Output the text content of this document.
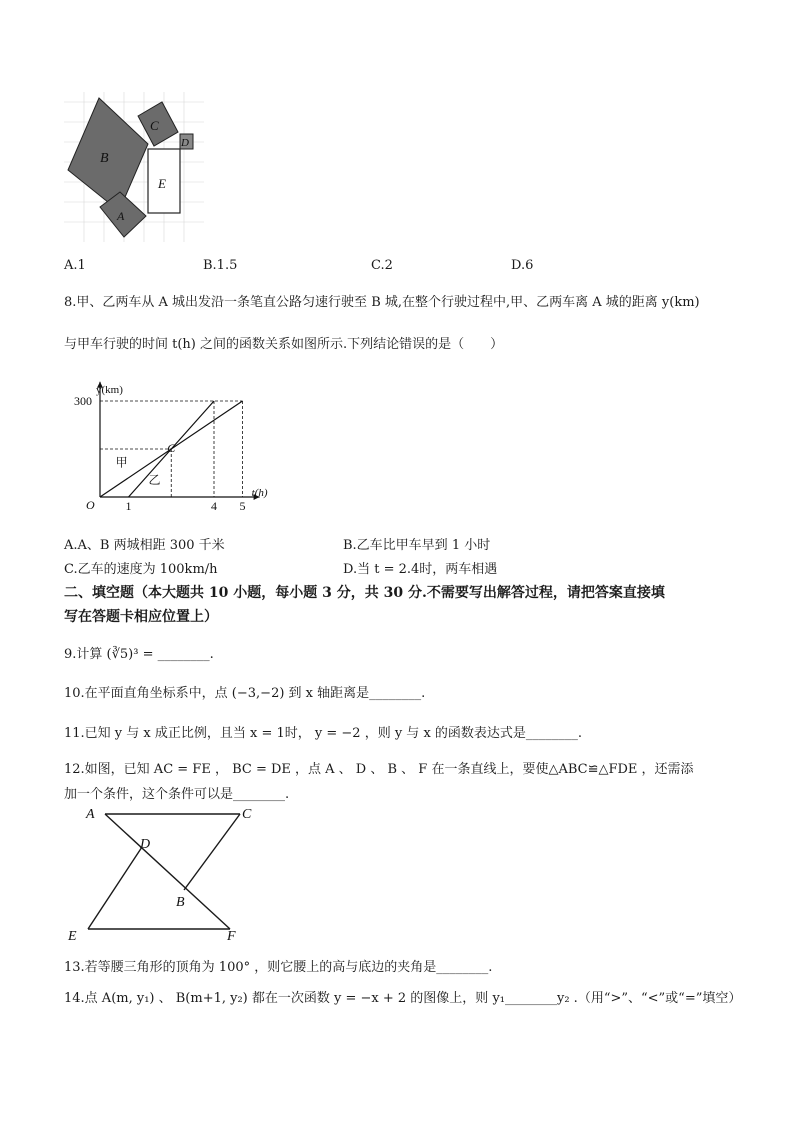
B
C
D
E
A
A.1	B.1.5	C.2	D.6
8.甲、乙两车从 A 城出发沿一条笔直公路匀速行驶至 B 城,在整个行驶过程中,甲、乙两车离 A 城的距离 y(km)
与甲车行驶的时间 t(h) 之间的函数关系如图所示.下列结论错误的是（　　）
y(km)
t(h)
O	1	4 5
300
C
甲
乙
A.A、B 两城相距 300 千米	B.乙车比甲车早到 1 小时
C.乙车的速度为 100km/h	D.当 t = 2.4时，两车相遇
二、填空题（本大题共 10 小题，每小题 3 分，共 30 分.不需要写出解答过程，请把答案直接填
写在答题卡相应位置上）
9.计算 (∛5)³ = ________.
10.在平面直角坐标系中，点 (−3,−2) 到 x 轴距离是________.
11.已知 y 与 x 成正比例，且当 x = 1时， y = −2 ，则 y 与 x 的函数表达式是________.
12.如图，已知 AC = FE ， BC = DE ，点 A 、 D 、 B 、 F 在一条直线上，要使△ABC≌△FDE ，还需添
加一个条件，这个条件可以是________.
A	C
D
B
E	F
13.若等腰三角形的顶角为 100° ，则它腰上的高与底边的夹角是________.
14.点 A(m, y₁) 、 B(m+1, y₂) 都在一次函数 y = −x + 2 的图像上，则 y₁________y₂ .（用“>”、“<”或“=”填空）
